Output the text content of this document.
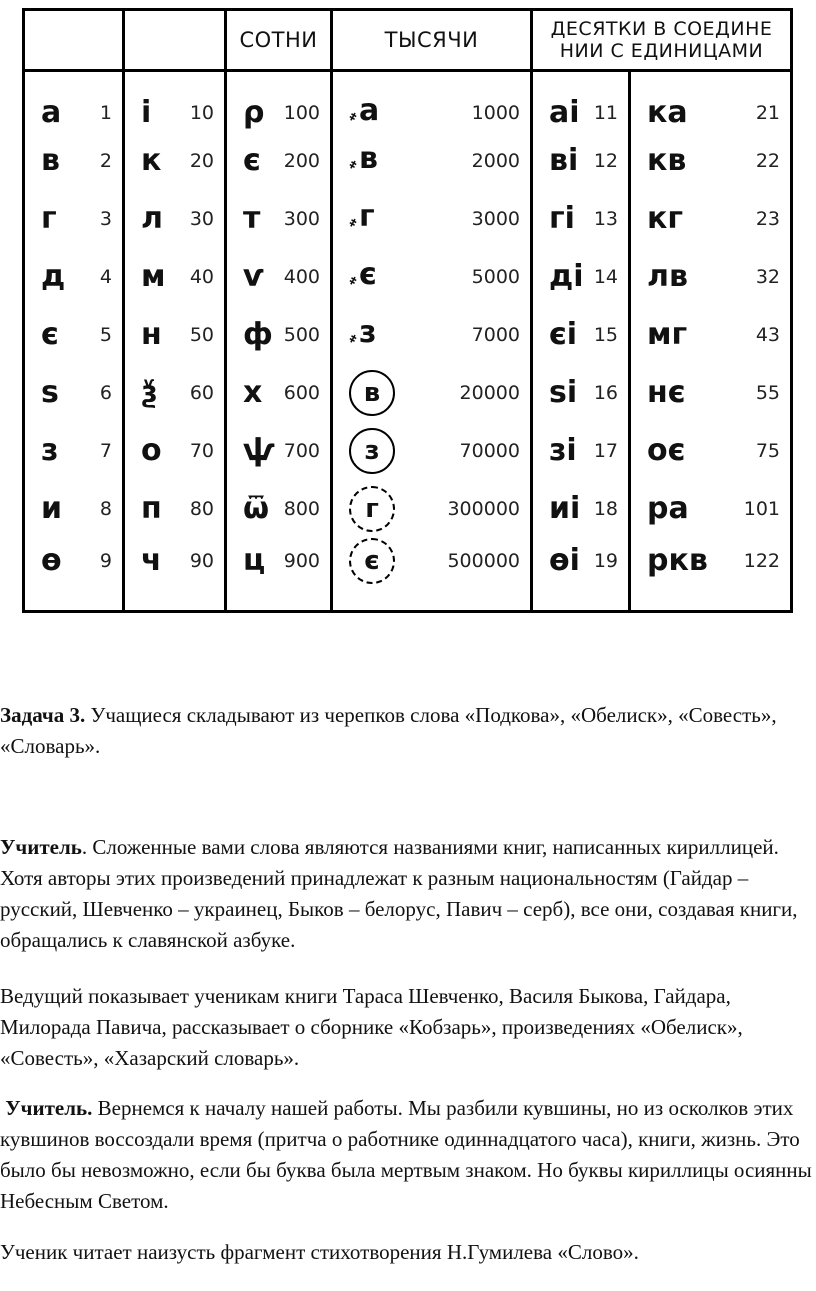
		СОТНИ	ТЫСЯЧИ	ДЕСЯТКИ В СОЕДИНЕ НИИ С ЕДИНИЦАМИ	

а 1	і 10	ρ 100	҂а 1000	аі 11	ка 21

в 2	к 20	є 200	҂в 2000	ві 12	кв 22

г 3	л 30	т 300	҂г 3000	гі 13	кг 23

д 4	м 40	ѵ 400	҂є 5000	ді 14	лв 32

є 5	н 50	ф 500	҂з 7000	єі 15	мг 43

ѕ 6	ѯ 60	х 600	в 20000	ѕі 16	нє 55

з 7	о 70	ѱ 700	з 70000	зі 17	оє 75

и 8	п 80	ѿ 800	г 300000	иі 18	ра 101

ѳ 9	ч 90	ц 900	є 500000	ѳі 19	ркв 122

Задача 3. Учащиеся складывают из черепков слова «Подкова», «Обелиск», «Совесть», «Словарь».

Учитель. Сложенные вами слова являются названиями книг, написанных кириллицей. Хотя авторы этих произведений принадлежат к разным национальностям (Гайдар – русский, Шевченко – украинец, Быков – белорус, Павич – серб), все они, создавая книги, обращались к славянской азбуке.

Ведущий показывает ученикам книги Тараса Шевченко, Василя Быкова, Гайдара, Милорада Павича, рассказывает о сборнике «Кобзарь», произведениях «Обелиск», «Совесть», «Хазарский словарь».

Учитель. Вернемся к началу нашей работы. Мы разбили кувшины, но из осколков этих кувшинов воссоздали время (притча о работнике одиннадцатого часа), книги, жизнь. Это было бы невозможно, если бы буква была мертвым знаком. Но буквы кириллицы осиянны Небесным Светом.

Ученик читает наизусть фрагмент стихотворения Н.Гумилева «Слово».
